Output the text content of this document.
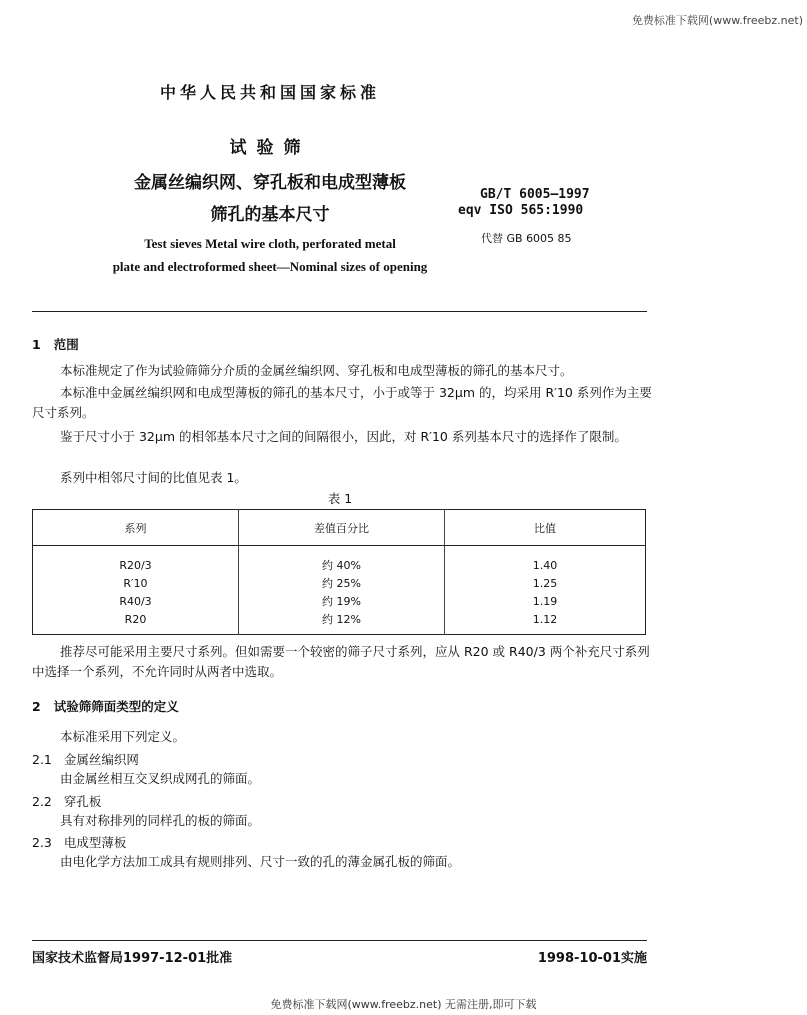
免费标准下载网(www.freebz.net)
中华人民共和国国家标准
试验筛
金属丝编织网、穿孔板和电成型薄板
筛孔的基本尺寸
Test sieves Metal wire cloth, perforated metal
plate and electroformed sheet—Nominal sizes of opening
GB/T 6005—1997
eqv ISO 565:1990
代替 GB 6005 85
1 范围
本标准规定了作为试验筛筛分介质的金属丝编织网、穿孔板和电成型薄板的筛孔的基本尺寸。
本标准中金属丝编织网和电成型薄板的筛孔的基本尺寸，小于或等于 32μm 的，均采用 R′10 系列作为主要尺寸系列。
鉴于尺寸小于 32μm 的相邻基本尺寸之间的间隔很小，因此，对 R′10 系列基本尺寸的选择作了限制。
系列中相邻尺寸间的比值见表 1。
表 1
系列	差值百分比	比值
R20/3	约 40%	1.40
R′10	约 25%	1.25
R40/3	约 19%	1.19
R20	约 12%	1.12
推荐尽可能采用主要尺寸系列。但如需要一个较密的筛子尺寸系列，应从 R20 或 R40/3 两个补充尺寸系列中选择一个系列，不允许同时从两者中选取。
2 试验筛筛面类型的定义
本标准采用下列定义。
2.1 金属丝编织网
由金属丝相互交叉织成网孔的筛面。
2.2 穿孔板
具有对称排列的同样孔的板的筛面。
2.3 电成型薄板
由电化学方法加工成具有规则排列、尺寸一致的孔的薄金属孔板的筛面。
国家技术监督局1997-12-01批准	1998-10-01实施
免费标准下载网(www.freebz.net) 无需注册,即可下载
